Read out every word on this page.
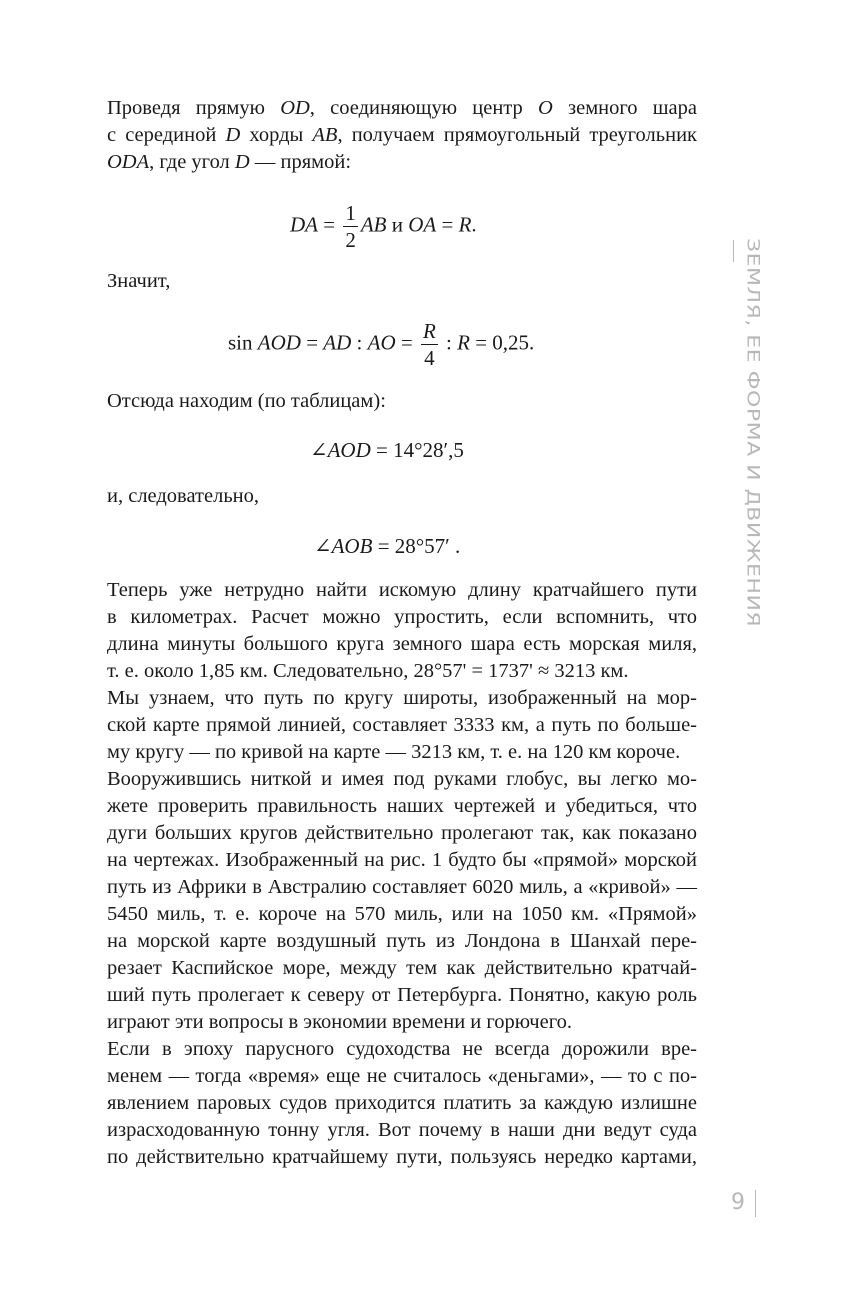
Проведя прямую OD, соединяющую центр O земного шара
с серединой D хорды AB, получаем прямоугольный треугольник
ODA, где угол D — прямой:
DA = $\frac{1}{2}$ AB и OA = R.
Значит,
sin AOD = AD : AO = $\frac{R}{4}$ : R = 0,25.
Отсюда находим (по таблицам):
∠AOD = 14°28′,5
и, следовательно,
∠AOB = 28°57′ .
Теперь уже нетрудно найти искомую длину кратчайшего пути
в километрах. Расчет можно упростить, если вспомнить, что
длина минуты большого круга земного шара есть морская миля,
т. е. около 1,85 км. Следовательно, 28°57' = 1737' ≈ 3213 км.
Мы узнаем, что путь по кругу широты, изображенный на мор-
ской карте прямой линией, составляет 3333 км, а путь по больше-
му кругу — по кривой на карте — 3213 км, т. е. на 120 км короче.
Вооружившись ниткой и имея под руками глобус, вы легко мо-
жете проверить правильность наших чертежей и убедиться, что
дуги больших кругов действительно пролегают так, как показано
на чертежах. Изображенный на рис. 1 будто бы «прямой» морской
путь из Африки в Австралию составляет 6020 миль, а «кривой» —
5450 миль, т. е. короче на 570 миль, или на 1050 км. «Прямой»
на морской карте воздушный путь из Лондона в Шанхай пере-
резает Каспийское море, между тем как действительно кратчай-
ший путь пролегает к северу от Петербурга. Понятно, какую роль
играют эти вопросы в экономии времени и горючего.
Если в эпоху парусного судоходства не всегда дорожили вре-
менем — тогда «время» еще не считалось «деньгами», — то с по-
явлением паровых судов приходится платить за каждую излишне
израсходованную тонну угля. Вот почему в наши дни ведут суда
по действительно кратчайшему пути, пользуясь нередко картами,
ЗЕМЛЯ, ЕЕ ФОРМА И ДВИЖЕНИЯ
9
